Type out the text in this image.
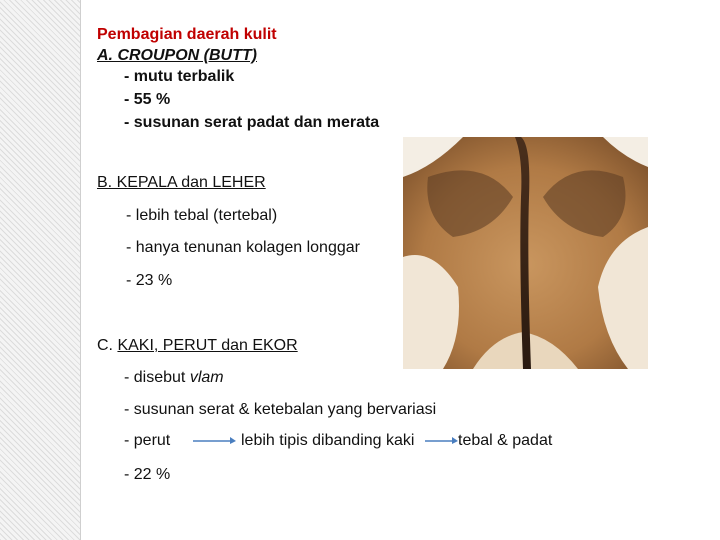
Pembagian daerah kulit
A. CROUPON (BUTT)
- mutu terbalik
- 55 %
- susunan serat padat dan merata
B. KEPALA dan LEHER
- lebih tebal (tertebal)
- hanya tenunan kolagen longgar
- 23 %
C. KAKI, PERUT dan EKOR
- disebut vlam
- susunan serat & ketebalan yang bervariasi
- perut	lebih tipis dibanding kaki	tebal & padat
- 22 %
